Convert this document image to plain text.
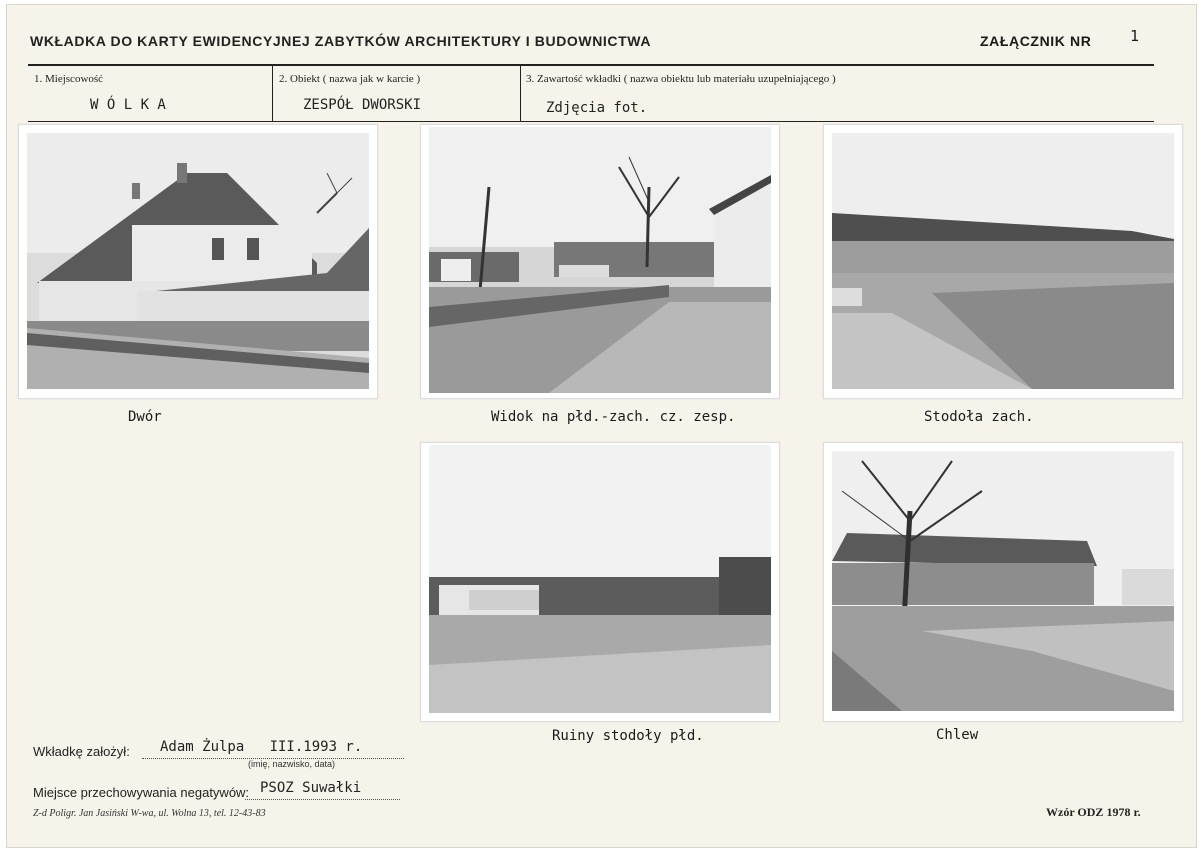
WKŁADKA DO KARTY EWIDENCYJNEJ ZABYTKÓW ARCHITEKTURY I BUDOWNICTWA	ZAŁĄCZNIK NR	1
1. Miejscowość
W Ó L K A
2. Obiekt ( nazwa jak w karcie )
ZESPÓŁ DWORSKI
3. Zawartość wkładki ( nazwa obiektu lub materiału uzupełniającego )
Zdjęcia fot.
Dwór	Widok na płd.-zach. cz. zesp.	Stodoła zach.
Ruiny stodoły płd.	Chlew
Wkładkę założył: Adam Żulpa   III.1993 r.
(imię, nazwisko, data)
Miejsce przechowywania negatywów: PSOZ Suwałki
Z-d Poligr. Jan Jasiński W-wa, ul. Wolna 13, tel. 12-43-83	Wzór ODZ 1978 r.
